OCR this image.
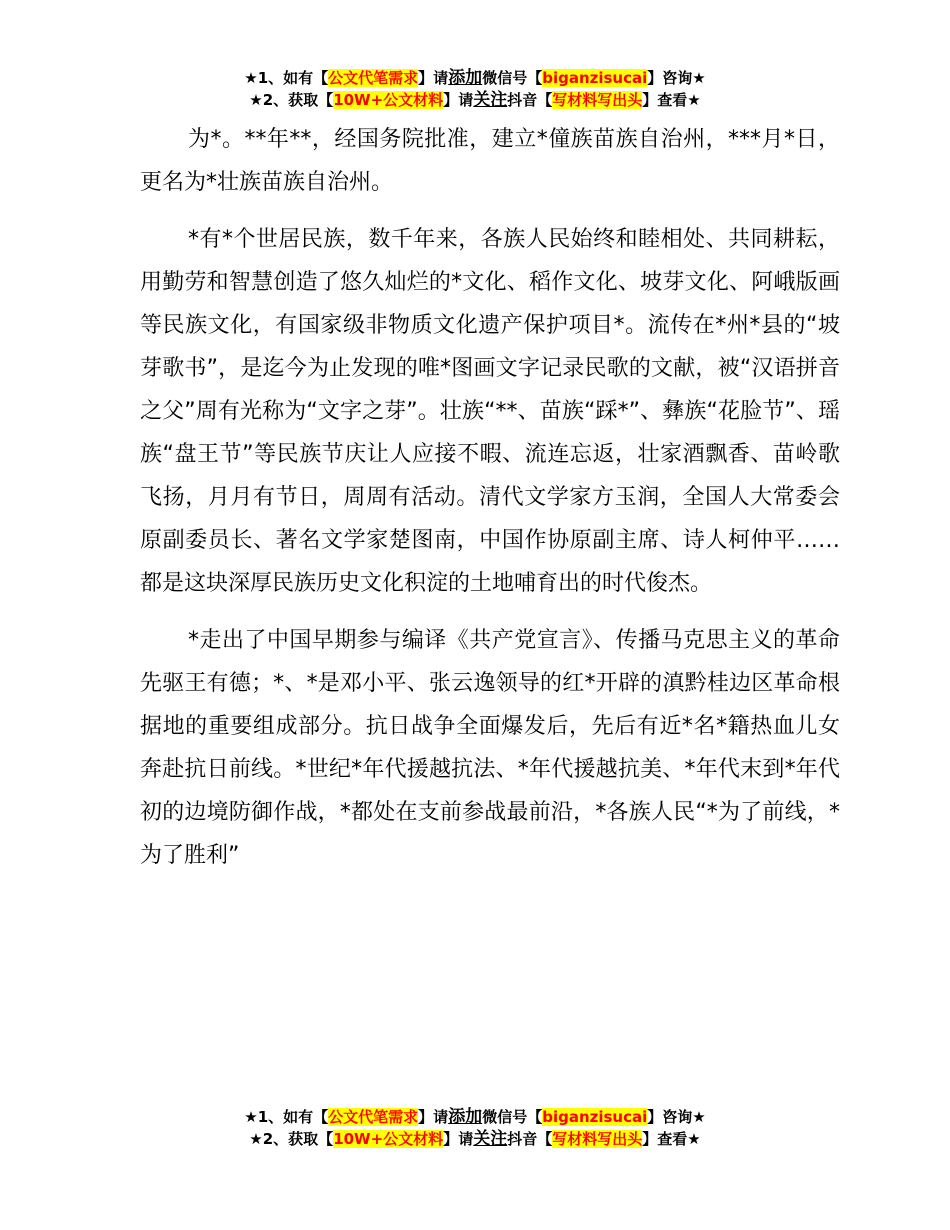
★1、如有【公文代笔需求】请添加微信号【biganzisucai】咨询★
★2、获取【10W+公文材料】请关注抖音【写材料写出头】查看★

为*。**年**，经国务院批准，建立*僮族苗族自治州，***月*日，更名为*壮族苗族自治州。

*有*个世居民族，数千年来，各族人民始终和睦相处、共同耕耘，用勤劳和智慧创造了悠久灿烂的*文化、稻作文化、坡芽文化、阿峨版画等民族文化，有国家级非物质文化遗产保护项目*。流传在*州*县的“坡芽歌书”，是迄今为止发现的唯*图画文字记录民歌的文献，被“汉语拼音之父”周有光称为“文字之芽”。壮族“**、苗族“踩*”、彝族“花脸节”、瑶族“盘王节”等民族节庆让人应接不暇、流连忘返，壮家酒飘香、苗岭歌飞扬，月月有节日，周周有活动。清代文学家方玉润，全国人大常委会原副委员长、著名文学家楚图南，中国作协原副主席、诗人柯仲平……都是这块深厚民族历史文化积淀的土地哺育出的时代俊杰。

*走出了中国早期参与编译《共产党宣言》、传播马克思主义的革命先驱王有德；*、*是邓小平、张云逸领导的红*开辟的滇黔桂边区革命根据地的重要组成部分。抗日战争全面爆发后，先后有近*名*籍热血儿女奔赴抗日前线。*世纪*年代援越抗法、*年代援越抗美、*年代末到*年代初的边境防御作战，*都处在支前参战最前沿，*各族人民“*为了前线，*为了胜利”

★1、如有【公文代笔需求】请添加微信号【biganzisucai】咨询★
★2、获取【10W+公文材料】请关注抖音【写材料写出头】查看★
